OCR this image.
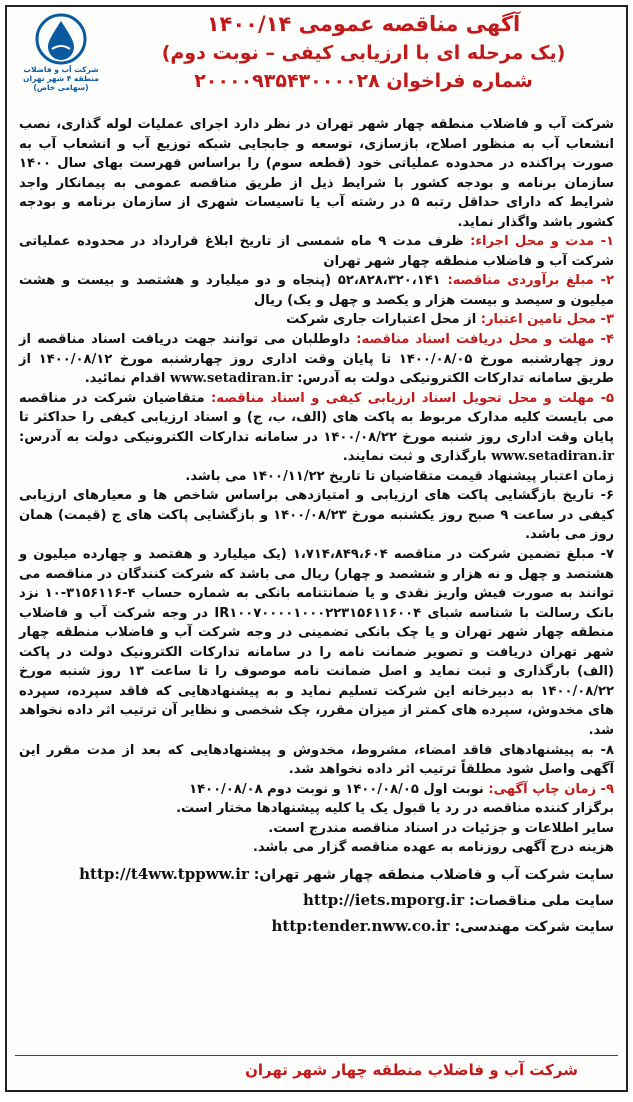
شرکت آب و فاضلاب منطقه ۴ شهر تهران (سهامی خاص)
آگهی مناقصه عمومی ۱۴۰۰/۱۴
(یک مرحله ای با ارزیابی کیفی – نوبت دوم)
شماره فراخوان ۲۰۰۰۰۹۳۵۴۳۰۰۰۰۲۸

شرکت آب و فاضلاب منطقه چهار شهر تهران در نظر دارد اجرای عملیات لوله گذاری، نصب انشعاب آب به منظور اصلاح، بازسازی، توسعه و جابجایی شبکه توزیع آب و انشعاب آب به صورت پراکنده در محدوده عملیاتی خود (قطعه سوم) را براساس فهرست بهای سال ۱۴۰۰ سازمان برنامه و بودجه کشور با شرایط ذیل از طریق مناقصه عمومی به پیمانکار واجد شرایط که دارای حداقل رتبه ۵ در رشته آب یا تاسیسات شهری از سازمان برنامه و بودجه کشور باشد واگذار نماید.

۱- مدت و محل اجراء: ظرف مدت ۹ ماه شمسی از تاریخ ابلاغ قرارداد در محدوده عملیاتی شرکت آب و فاضلاب منطقه چهار شهر تهران

۲- مبلغ برآوردی مناقصه: ۵۲،۸۲۸،۳۲۰،۱۴۱ (پنجاه و دو میلیارد و هشتصد و بیست و هشت میلیون و سیصد و بیست هزار و یکصد و چهل و یک) ریال

۳- محل تامین اعتبار: از محل اعتبارات جاری شرکت

۴- مهلت و محل دریافت اسناد مناقصه: داوطلبان می توانند جهت دریافت اسناد مناقصه از روز چهارشنبه مورخ ۱۴۰۰/۰۸/۰۵ تا پایان وقت اداری روز چهارشنبه مورخ ۱۴۰۰/۰۸/۱۲ از طریق سامانه تدارکات الکترونیکی دولت به آدرس: www.setadiran.ir اقدام نمائید.

۵- مهلت و محل تحویل اسناد ارزیابی کیفی و اسناد مناقصه: متقاضیان شرکت در مناقصه می بایست کلیه مدارک مربوط به پاکت های (الف، ب، ج) و اسناد ارزیابی کیفی را حداکثر تا پایان وقت اداری روز شنبه مورخ ۱۴۰۰/۰۸/۲۲ در سامانه تدارکات الکترونیکی دولت به آدرس: www.setadiran.ir بارگذاری و ثبت نمایند.

زمان اعتبار پیشنهاد قیمت متقاضیان تا تاریخ ۱۴۰۰/۱۱/۲۲ می باشد.

۶- تاریخ بازگشایی پاکت های ارزیابی و امتیازدهی براساس شاخص ها و معیارهای ارزیابی کیفی در ساعت ۹ صبح روز یکشنبه مورخ ۱۴۰۰/۰۸/۲۳ و بازگشایی پاکت های ج (قیمت) همان روز می باشد.

۷- مبلغ تضمین شرکت در مناقصه ۱،۷۱۴،۸۴۹،۶۰۴ (یک میلیارد و هفتصد و چهارده میلیون و هشتصد و چهل و نه هزار و ششصد و چهار) ریال می باشد که شرکت کنندگان در مناقصه می توانند به صورت فیش واریز نقدی و یا ضمانتنامه بانکی به شماره حساب ۴-۳۱۵۶۱۱۶-۱۰ نزد بانک رسالت با شناسه شبای IR۱۰۰۷۰۰۰۰۱۰۰۰۲۲۳۱۵۶۱۱۶۰۰۴ در وجه شرکت آب و فاضلاب منطقه چهار شهر تهران و یا چک بانکی تضمینی در وجه شرکت آب و فاضلاب منطقه چهار شهر تهران دریافت و تصویر ضمانت نامه را در سامانه تدارکات الکترونیک دولت در پاکت (الف) بارگذاری و ثبت نماید و اصل ضمانت نامه موصوف را تا ساعت ۱۳ روز شنبه مورخ ۱۴۰۰/۰۸/۲۲ به دبیرخانه این شرکت تسلیم نماید و به پیشنهادهایی که فاقد سپرده، سپرده های مخدوش، سپرده های کمتر از میزان مقرر، چک شخصی و نظایر آن ترتیب اثر داده نخواهد شد.

۸- به پیشنهادهای فاقد امضاء، مشروط، مخدوش و پیشنهادهایی که بعد از مدت مقرر این آگهی واصل شود مطلقاً ترتیب اثر داده نخواهد شد.

۹- زمان چاپ آگهی: نوبت اول ۱۴۰۰/۰۸/۰۵ و نوبت دوم ۱۴۰۰/۰۸/۰۸

برگزار کننده مناقصه در رد یا قبول یک یا کلیه پیشنهادها مختار است.

سایر اطلاعات و جزئیات در اسناد مناقصه مندرج است.

هزینه درج آگهی روزنامه به عهده مناقصه گزار می باشد.

سایت شرکت آب و فاضلاب منطقه چهار شهر تهران: http://t4ww.tppww.ir
سایت ملی مناقصات: http://iets.mporg.ir
سایت شرکت مهندسی: http:tender.nww.co.ir
شرکت آب و فاضلاب منطقه چهار شهر تهران
